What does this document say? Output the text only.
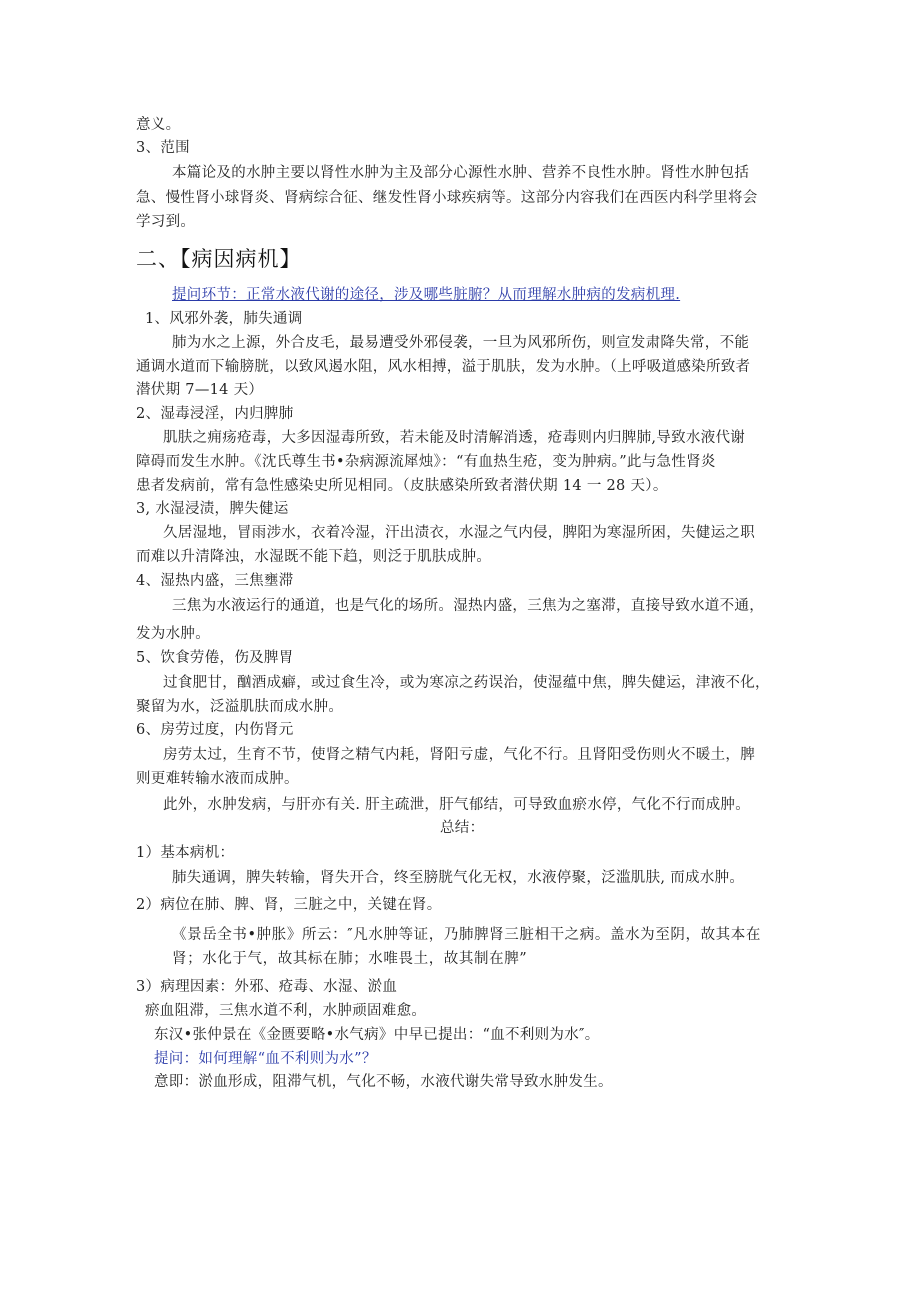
意义。
3、范围
本篇论及的水肿主要以肾性水肿为主及部分心源性水肿、营养不良性水肿。肾性水肿包括
急、慢性肾小球肾炎、肾病综合征、继发性肾小球疾病等。这部分内容我们在西医内科学里将会
学习到。
二、【病因病机】
提问环节：正常水液代谢的途径，涉及哪些脏腑？从而理解水肿病的发病机理.
1、风邪外袭，肺失通调
肺为水之上源，外合皮毛，最易遭受外邪侵袭，一旦为风邪所伤，则宣发肃降失常，不能
通调水道而下输膀胱，以致风遏水阻，风水相搏，溢于肌肤，发为水肿。（上呼吸道感染所致者
潜伏期 7—14 天）
2、湿毒浸淫，内归脾肺
肌肤之痈疡疮毒，大多因湿毒所致，若未能及时清解消透，疮毒则内归脾肺,导致水液代谢
障碍而发生水肿。《沈氏尊生书•杂病源流犀烛》：“有血热生疮，变为肿病。”此与急性肾炎
患者发病前，常有急性感染史所见相同。（皮肤感染所致者潜伏期 14 一 28 天）。
3, 水湿浸渍，脾失健运
久居湿地，冒雨涉水，衣着冷湿，汗出渍衣，水湿之气内侵，脾阳为寒湿所困，失健运之职
而难以升清降浊，水湿既不能下趋，则泛于肌肤成肿。
4、湿热内盛，三焦壅滞
三焦为水液运行的通道，也是气化的场所。湿热内盛，三焦为之塞滞，直接导致水道不通，
发为水肿。
5、饮食劳倦，伤及脾胃
过食肥甘，酗酒成癖，或过食生冷，或为寒凉之药误治，使湿蕴中焦，脾失健运，津液不化，
聚留为水，泛溢肌肤而成水肿。
6、房劳过度，内伤肾元
房劳太过，生育不节，使肾之精气内耗，肾阳亏虚，气化不行。且肾阳受伤则火不暖土，脾
则更难转输水液而成肿。
此外，水肿发病，与肝亦有关. 肝主疏泄，肝气郁结，可导致血瘀水停，气化不行而成肿。
总结：
1）基本病机：
肺失通调，脾失转输，肾失开合，终至膀胱气化无权，水液停聚，泛滥肌肤, 而成水肿。
2）病位在肺、脾、肾，三脏之中，关键在肾。
《景岳全书•肿胀》所云：″凡水肿等证，乃肺脾肾三脏相干之病。盖水为至阴，故其本在
肾；水化于气，故其标在肺；水唯畏土，故其制在脾”
3）病理因素：外邪、疮毒、水湿、淤血
瘀血阻滞，三焦水道不利，水肿顽固难愈。
东汉•张仲景在《金匮要略•水气病》中早已提出：“血不利则为水″。
提问：如何理解“血不利则为水”？
意即：淤血形成，阻滞气机，气化不畅，水液代谢失常导致水肿发生。
